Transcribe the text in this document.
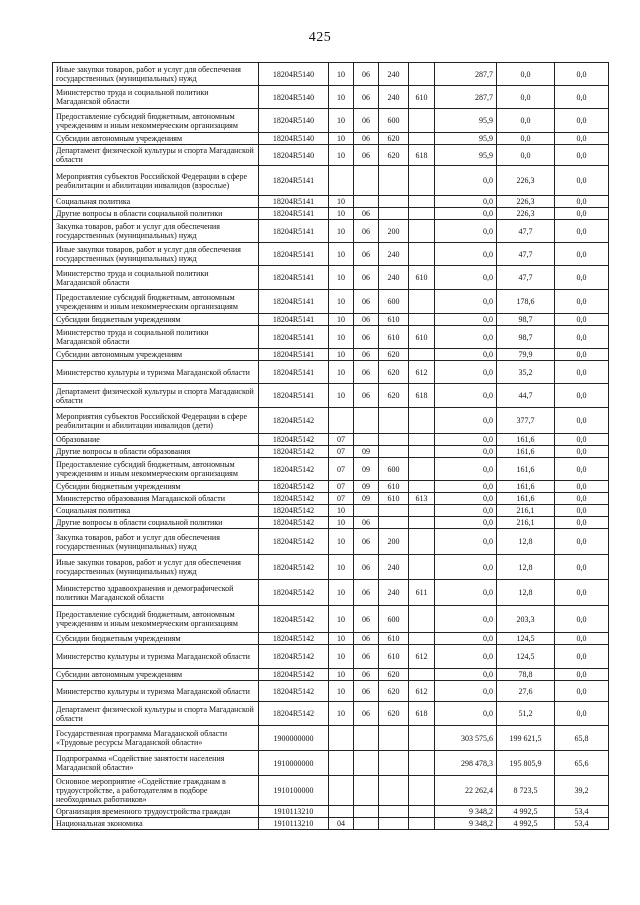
425
Иные закупки товаров, работ и услуг для обеспечения государственных (муниципальных) нужд	18204R5140	10	06	240		287,7	0,0	0,0
Министерство труда и социальной политики Магаданской области	18204R5140	10	06	240	610	287,7	0,0	0,0
Предоставление субсидий бюджетным, автономным учреждениям и иным некоммерческим организациям	18204R5140	10	06	600		95,9	0,0	0,0
Субсидии автономным учреждениям	18204R5140	10	06	620		95,9	0,0	0,0
Департамент физической культуры и спорта Магаданской области	18204R5140	10	06	620	618	95,9	0,0	0,0
Мероприятия субъектов Российской Федерации в сфере реабилитации и абилитации инвалидов (взрослые)	18204R5141					0,0	226,3	0,0
Социальная политика	18204R5141	10				0,0	226,3	0,0
Другие вопросы в области социальной политики	18204R5141	10	06			0,0	226,3	0,0
Закупка товаров, работ и услуг для обеспечения государственных (муниципальных) нужд	18204R5141	10	06	200		0,0	47,7	0,0
Иные закупки товаров, работ и услуг для обеспечения государственных (муниципальных) нужд	18204R5141	10	06	240		0,0	47,7	0,0
Министерство труда и социальной политики Магаданской области	18204R5141	10	06	240	610	0,0	47,7	0,0
Предоставление субсидий бюджетным, автономным учреждениям и иным некоммерческим организациям	18204R5141	10	06	600		0,0	178,6	0,0
Субсидии бюджетным учреждениям	18204R5141	10	06	610		0,0	98,7	0,0
Министерство труда и социальной политики Магаданской области	18204R5141	10	06	610	610	0,0	98,7	0,0
Субсидии автономным учреждениям	18204R5141	10	06	620		0,0	79,9	0,0
Министерство культуры и туризма Магаданской области	18204R5141	10	06	620	612	0,0	35,2	0,0
Департамент физической культуры и спорта Магаданской области	18204R5141	10	06	620	618	0,0	44,7	0,0
Мероприятия субъектов Российской Федерации в сфере реабилитации и абилитации инвалидов (дети)	18204R5142					0,0	377,7	0,0
Образование	18204R5142	07				0,0	161,6	0,0
Другие вопросы в области образования	18204R5142	07	09			0,0	161,6	0,0
Предоставление субсидий бюджетным, автономным учреждениям и иным некоммерческим организациям	18204R5142	07	09	600		0,0	161,6	0,0
Субсидии бюджетным учреждениям	18204R5142	07	09	610		0,0	161,6	0,0
Министерство образования Магаданской области	18204R5142	07	09	610	613	0,0	161,6	0,0
Социальная политика	18204R5142	10				0,0	216,1	0,0
Другие вопросы в области социальной политики	18204R5142	10	06			0,0	216,1	0,0
Закупка товаров, работ и услуг для обеспечения государственных (муниципальных) нужд	18204R5142	10	06	200		0,0	12,8	0,0
Иные закупки товаров, работ и услуг для обеспечения государственных (муниципальных) нужд	18204R5142	10	06	240		0,0	12,8	0,0
Министерство здравоохранения и демографической политики Магаданской области	18204R5142	10	06	240	611	0,0	12,8	0,0
Предоставление субсидий бюджетным, автономным учреждениям и иным некоммерческим организациям	18204R5142	10	06	600		0,0	203,3	0,0
Субсидии бюджетным учреждениям	18204R5142	10	06	610		0,0	124,5	0,0
Министерство культуры и туризма Магаданской области	18204R5142	10	06	610	612	0,0	124,5	0,0
Субсидии автономным учреждениям	18204R5142	10	06	620		0,0	78,8	0,0
Министерство культуры и туризма Магаданской области	18204R5142	10	06	620	612	0,0	27,6	0,0
Департамент физической культуры и спорта Магаданской области	18204R5142	10	06	620	618	0,0	51,2	0,0
Государственная программа Магаданской области «Трудовые ресурсы Магаданской области»	1900000000					303 575,6	199 621,5	65,8
Подпрограмма «Содействие занятости населения Магаданской области»	1910000000					298 478,3	195 805,9	65,6
Основное мероприятие «Содействие гражданам в трудоустройстве, а работодателям в подборе необходимых работников»	1910100000					22 262,4	8 723,5	39,2
Организация временного трудоустройства граждан	1910113210					9 348,2	4 992,5	53,4
Национальная экономика	1910113210	04				9 348,2	4 992,5	53,4
